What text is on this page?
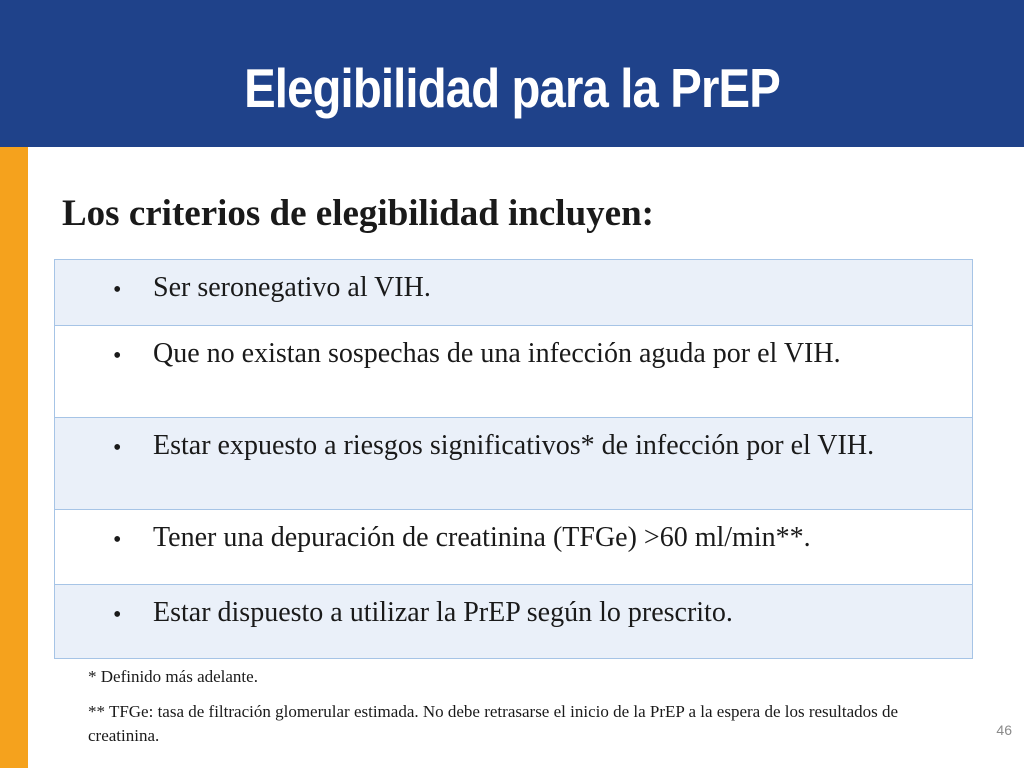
Elegibilidad para la PrEP
Los criterios de elegibilidad incluyen:
• Ser seronegativo al VIH.
• Que no existan sospechas de una infección aguda por el VIH.
• Estar expuesto a riesgos significativos* de infección por el VIH.
• Tener una depuración de creatinina (TFGe) >60 ml/min**.
• Estar dispuesto a utilizar la PrEP según lo prescrito.
* Definido más adelante.
** TFGe: tasa de filtración glomerular estimada. No debe retrasarse el inicio de la PrEP a la espera de los resultados de creatinina.	46
